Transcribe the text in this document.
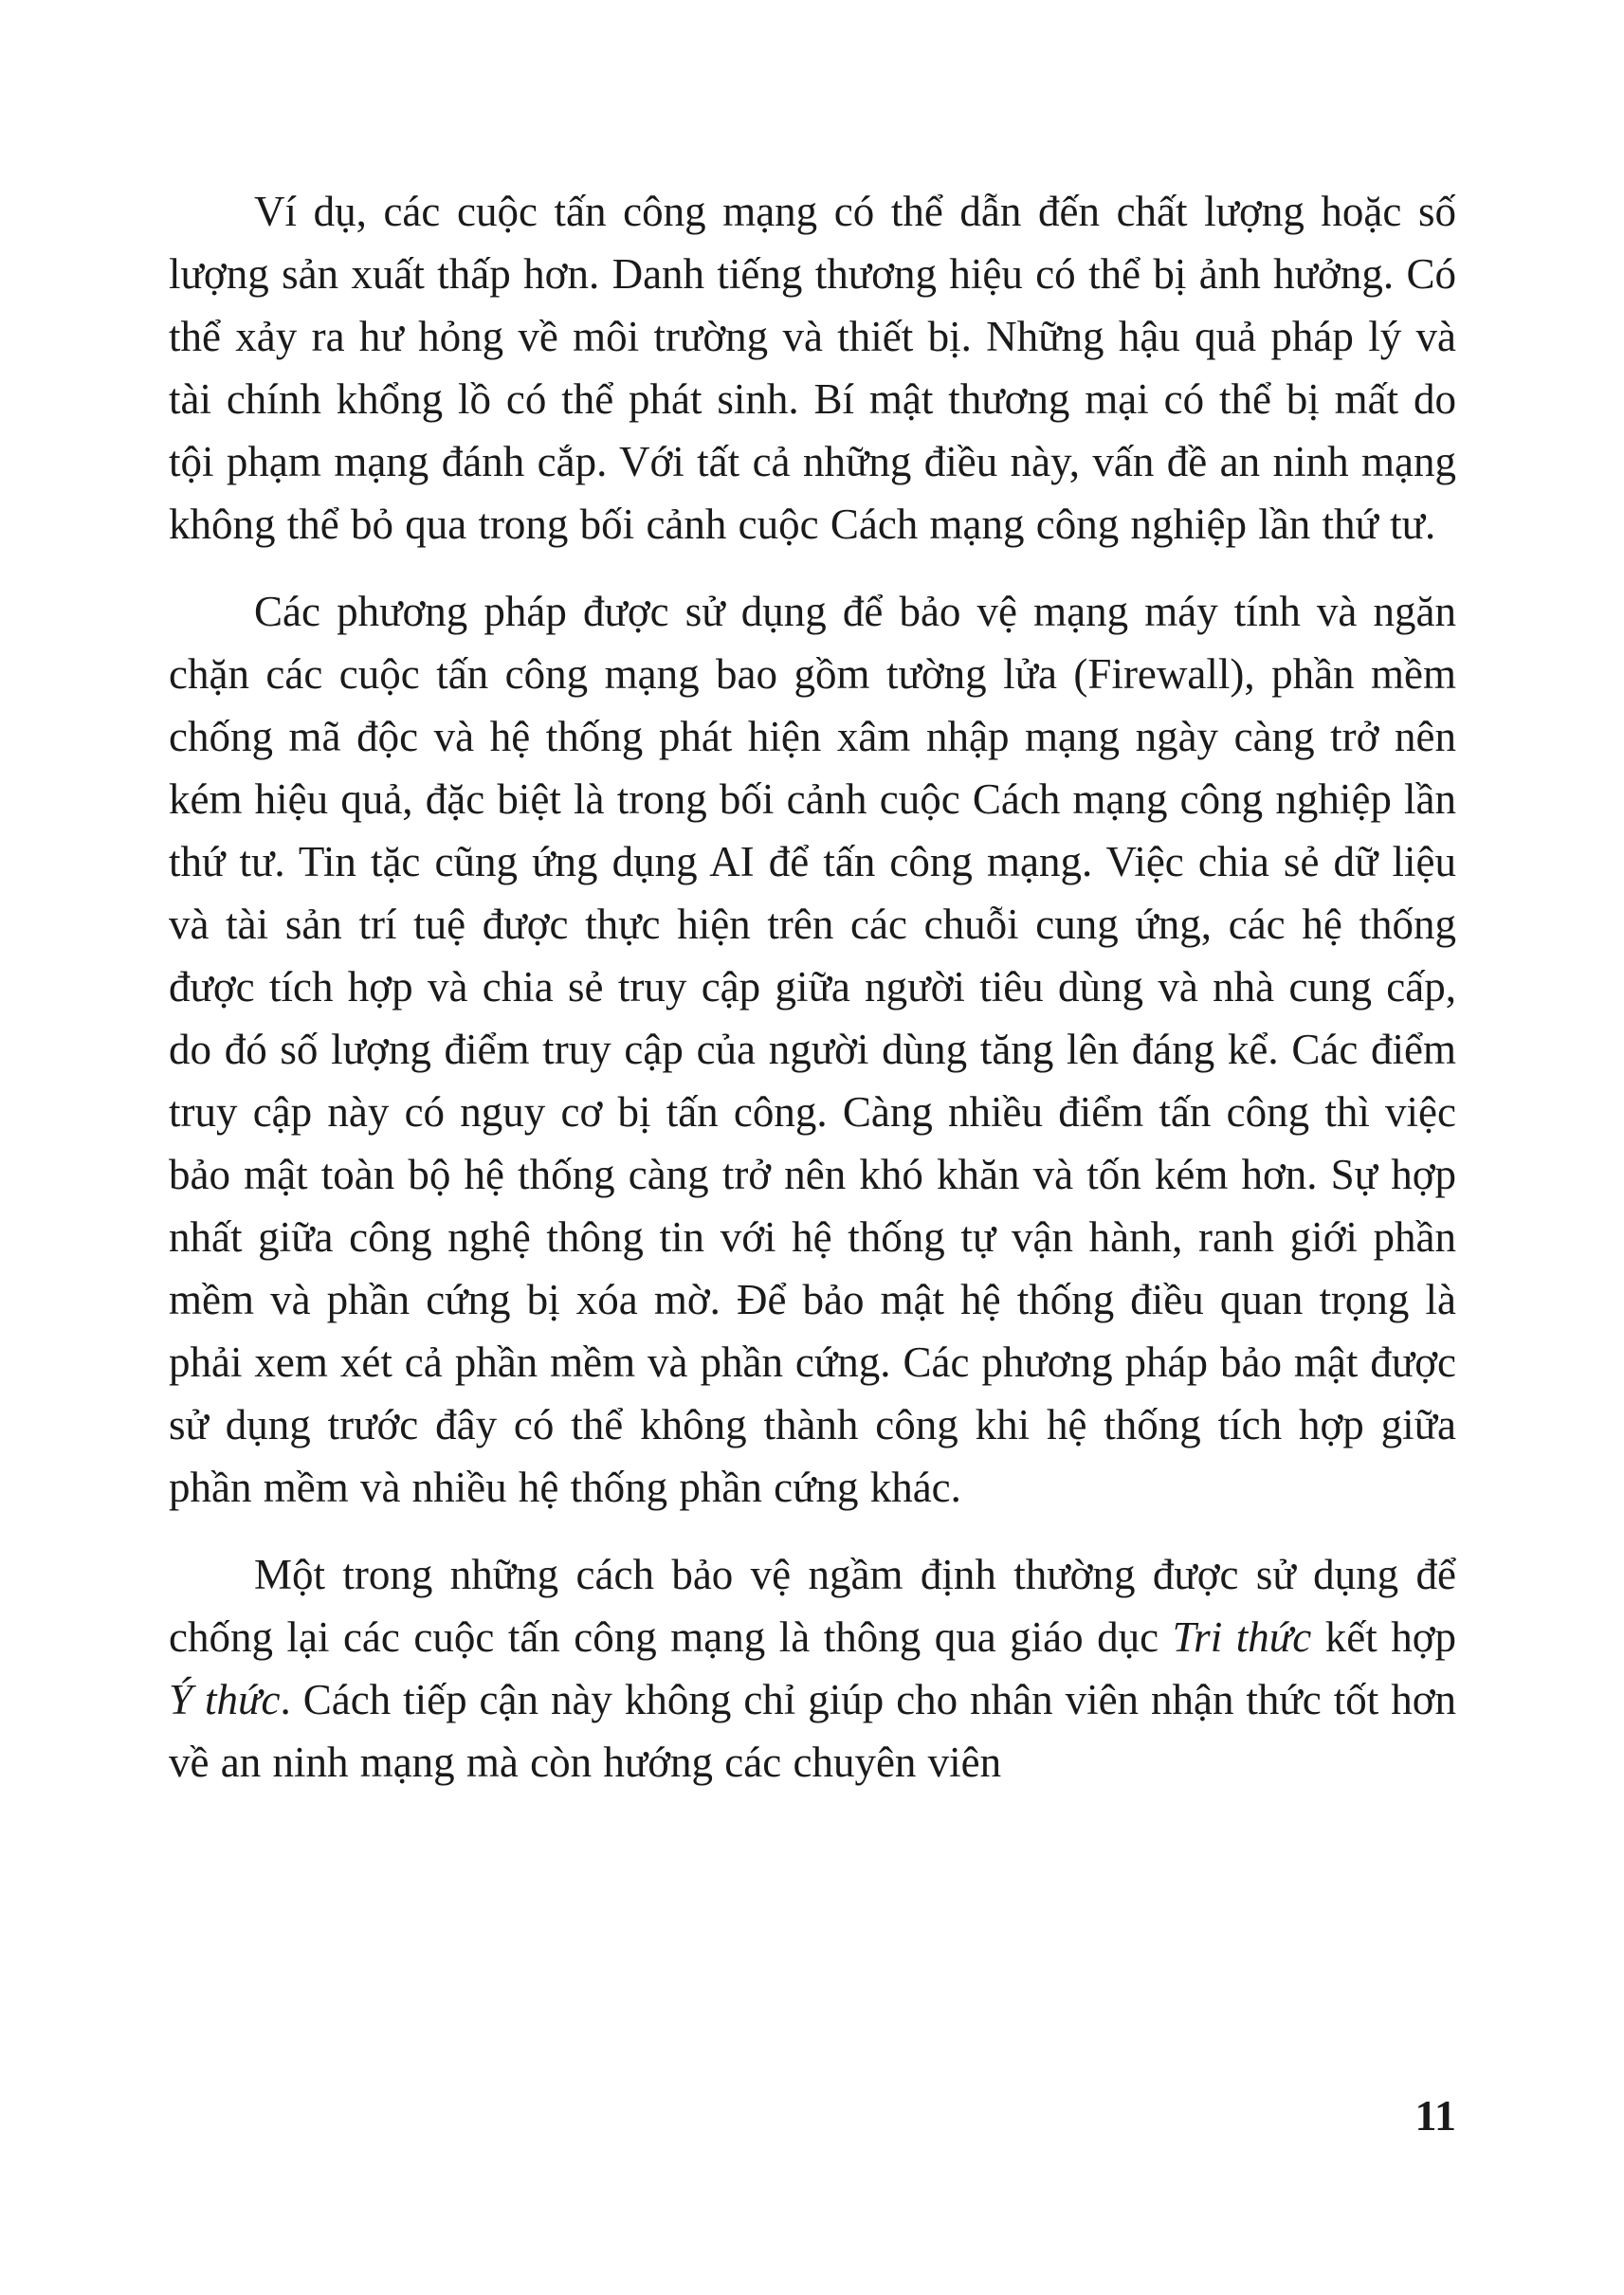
Ví dụ, các cuộc tấn công mạng có thể dẫn đến chất lượng hoặc số lượng sản xuất thấp hơn. Danh tiếng thương hiệu có thể bị ảnh hưởng. Có thể xảy ra hư hỏng về môi trường và thiết bị. Những hậu quả pháp lý và tài chính khổng lồ có thể phát sinh. Bí mật thương mại có thể bị mất do tội phạm mạng đánh cắp. Với tất cả những điều này, vấn đề an ninh mạng không thể bỏ qua trong bối cảnh cuộc Cách mạng công nghiệp lần thứ tư.

Các phương pháp được sử dụng để bảo vệ mạng máy tính và ngăn chặn các cuộc tấn công mạng bao gồm tường lửa (Firewall), phần mềm chống mã độc và hệ thống phát hiện xâm nhập mạng ngày càng trở nên kém hiệu quả, đặc biệt là trong bối cảnh cuộc Cách mạng công nghiệp lần thứ tư. Tin tặc cũng ứng dụng AI để tấn công mạng. Việc chia sẻ dữ liệu và tài sản trí tuệ được thực hiện trên các chuỗi cung ứng, các hệ thống được tích hợp và chia sẻ truy cập giữa người tiêu dùng và nhà cung cấp, do đó số lượng điểm truy cập của người dùng tăng lên đáng kể. Các điểm truy cập này có nguy cơ bị tấn công. Càng nhiều điểm tấn công thì việc bảo mật toàn bộ hệ thống càng trở nên khó khăn và tốn kém hơn. Sự hợp nhất giữa công nghệ thông tin với hệ thống tự vận hành, ranh giới phần mềm và phần cứng bị xóa mờ. Để bảo mật hệ thống điều quan trọng là phải xem xét cả phần mềm và phần cứng. Các phương pháp bảo mật được sử dụng trước đây có thể không thành công khi hệ thống tích hợp giữa phần mềm và nhiều hệ thống phần cứng khác.

Một trong những cách bảo vệ ngầm định thường được sử dụng để chống lại các cuộc tấn công mạng là thông qua giáo dục Tri thức kết hợp Ý thức. Cách tiếp cận này không chỉ giúp cho nhân viên nhận thức tốt hơn về an ninh mạng mà còn hướng các chuyên viên

11
